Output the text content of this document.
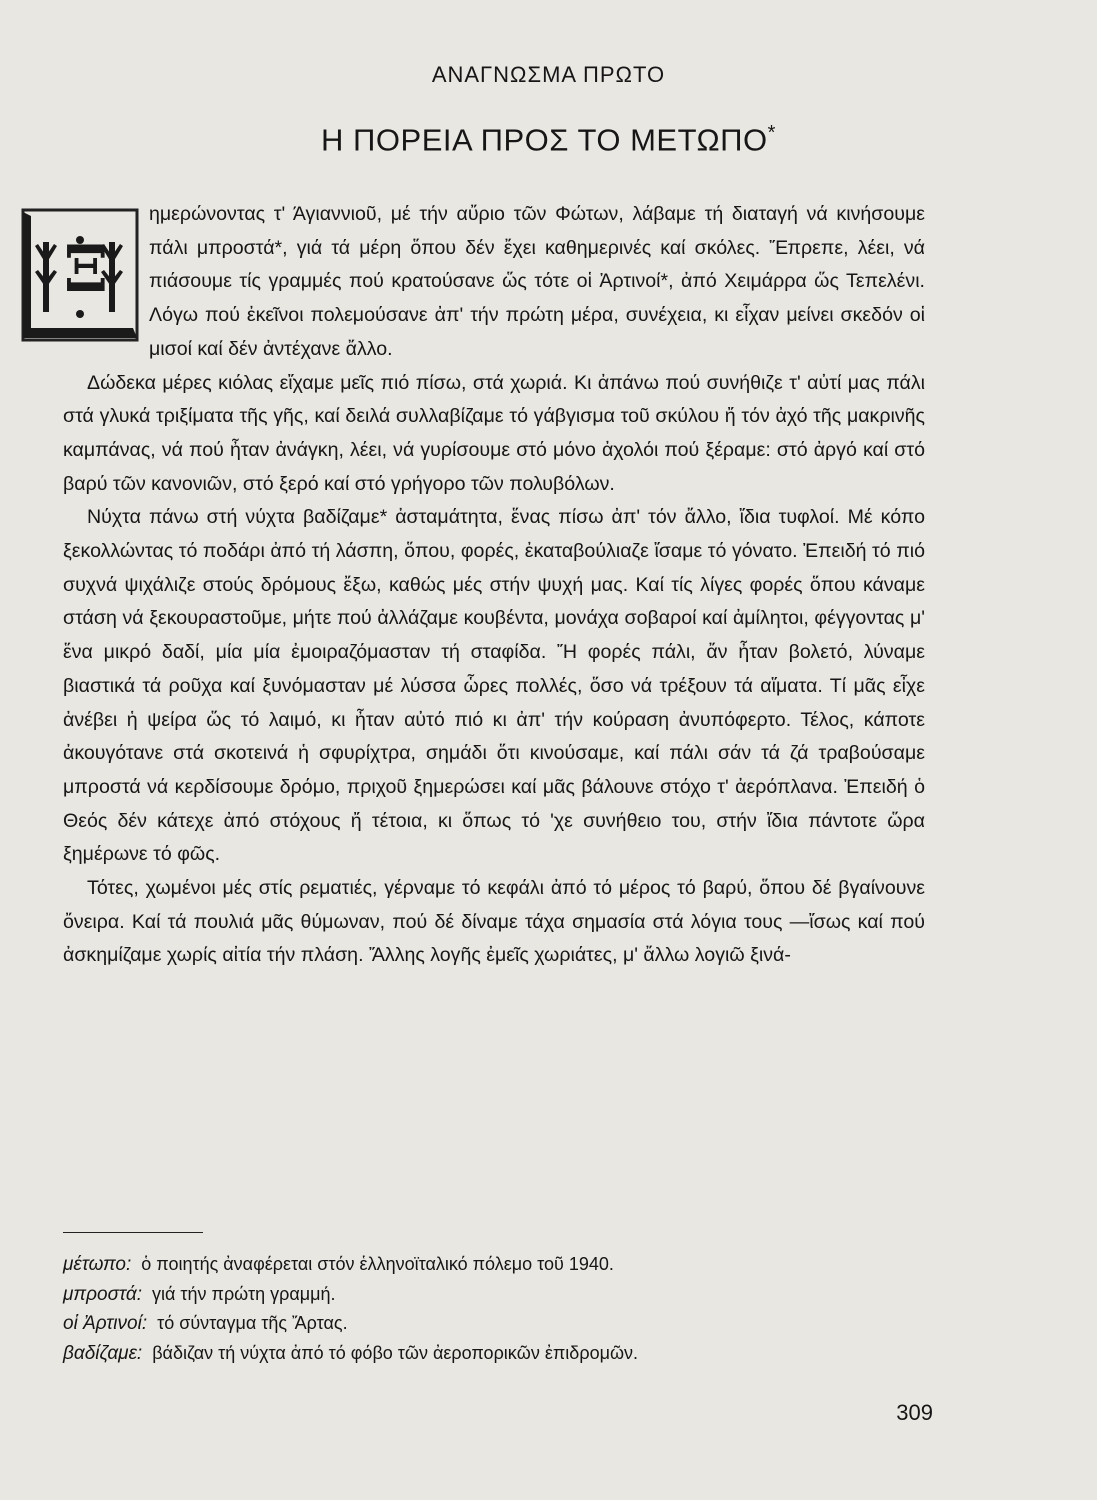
ΑΝΑΓΝΩΣΜΑ ΠΡΩΤΟ
Η ΠΟΡΕΙΑ ΠΡΟΣ ΤΟ ΜΕΤΩΠΟ*
Ξ

ημερώνοντας τ' Άγιαννιοῦ, μέ τήν αὔριο τῶν Φώτων, λάβαμε τή διαταγή νά κινήσουμε πάλι μπροστά*, γιά τά μέρη ὅπου δέν ἔχει καθημερινές καί σκόλες. Ἔπρεπε, λέει, νά πιάσουμε τίς γραμμές πού κρατούσανε ὥς τότε οἱ Ἀρτινοί*, ἀπό Χειμάρρα ὥς Τεπελένι. Λόγω πού ἐκεῖνοι πολεμούσανε ἀπ' τήν πρώτη μέρα, συνέχεια, κι εἶχαν μείνει σκεδόν οἱ μισοί καί δέν ἀντέχανε ἄλλο.

Δώδεκα μέρες κιόλας εἴχαμε μεῖς πιό πίσω, στά χωριά. Κι ἀπάνω πού συνήθιζε τ' αὐτί μας πάλι στά γλυκά τριξίματα τῆς γῆς, καί δειλά συλλαβίζαμε τό γάβγισμα τοῦ σκύλου ἤ τόν ἀχό τῆς μακρινῆς καμπάνας, νά πού ἦταν ἀνάγκη, λέει, νά γυρίσουμε στό μόνο ἀχολόι πού ξέραμε: στό ἀργό καί στό βαρύ τῶν κανονιῶν, στό ξερό καί στό γρήγορο τῶν πολυβόλων.

Νύχτα πάνω στή νύχτα βαδίζαμε* ἀσταμάτητα, ἕνας πίσω ἀπ' τόν ἄλλο, ἴδια τυφλοί. Μέ κόπο ξεκολλώντας τό ποδάρι ἀπό τή λάσπη, ὅπου, φορές, ἐκαταβούλιαζε ἴσαμε τό γόνατο. Ἐπειδή τό πιό συχνά ψιχάλιζε στούς δρόμους ἔξω, καθώς μές στήν ψυχή μας. Καί τίς λίγες φορές ὅπου κάναμε στάση νά ξεκουραστοῦμε, μήτε πού ἀλλάζαμε κουβέντα, μονάχα σοβαροί καί ἀμίλητοι, φέγγοντας μ' ἕνα μικρό δαδί, μία μία ἐμοιραζόμασταν τή σταφίδα. Ἤ φορές πάλι, ἄν ἦταν βολετό, λύναμε βιαστικά τά ροῦχα καί ξυνόμασταν μέ λύσσα ὧρες πολλές, ὅσο νά τρέξουν τά αἵματα. Τί μᾶς εἶχε ἀνέβει ἡ ψείρα ὥς τό λαιμό, κι ἦταν αὐτό πιό κι ἀπ' τήν κούραση ἀνυπόφερτο. Τέλος, κάποτε ἀκουγότανε στά σκοτεινά ἡ σφυρίχτρα, σημάδι ὅτι κινούσαμε, καί πάλι σάν τά ζά τραβούσαμε μπροστά νά κερδίσουμε δρόμο, πριχοῦ ξημερώσει καί μᾶς βάλουνε στόχο τ' ἀερόπλανα. Ἐπειδή ὁ Θεός δέν κάτεχε ἀπό στόχους ἤ τέτοια, κι ὅπως τό 'χε συνήθειο του, στήν ἴδια πάντοτε ὥρα ξημέρωνε τό φῶς.

Τότες, χωμένοι μές στίς ρεματιές, γέρναμε τό κεφάλι ἀπό τό μέρος τό βαρύ, ὅπου δέ βγαίνουνε ὄνειρα. Καί τά πουλιά μᾶς θύμωναν, πού δέ δίναμε τάχα σημασία στά λόγια τους —ἴσως καί πού ἀσκημίζαμε χωρίς αἰτία τήν πλάση. Ἄλλης λογῆς ἐμεῖς χωριάτες, μ' ἄλλω λογιῶ ξινά-

μέτωπο: ὁ ποιητής ἀναφέρεται στόν ἑλληνοϊταλικό πόλεμο τοῦ 1940.
μπροστά: γιά τήν πρώτη γραμμή.
οἱ Ἀρτινοί: τό σύνταγμα τῆς Ἄρτας.
βαδίζαμε: βάδιζαν τή νύχτα ἀπό τό φόβο τῶν ἀεροπορικῶν ἐπιδρομῶν.
309
